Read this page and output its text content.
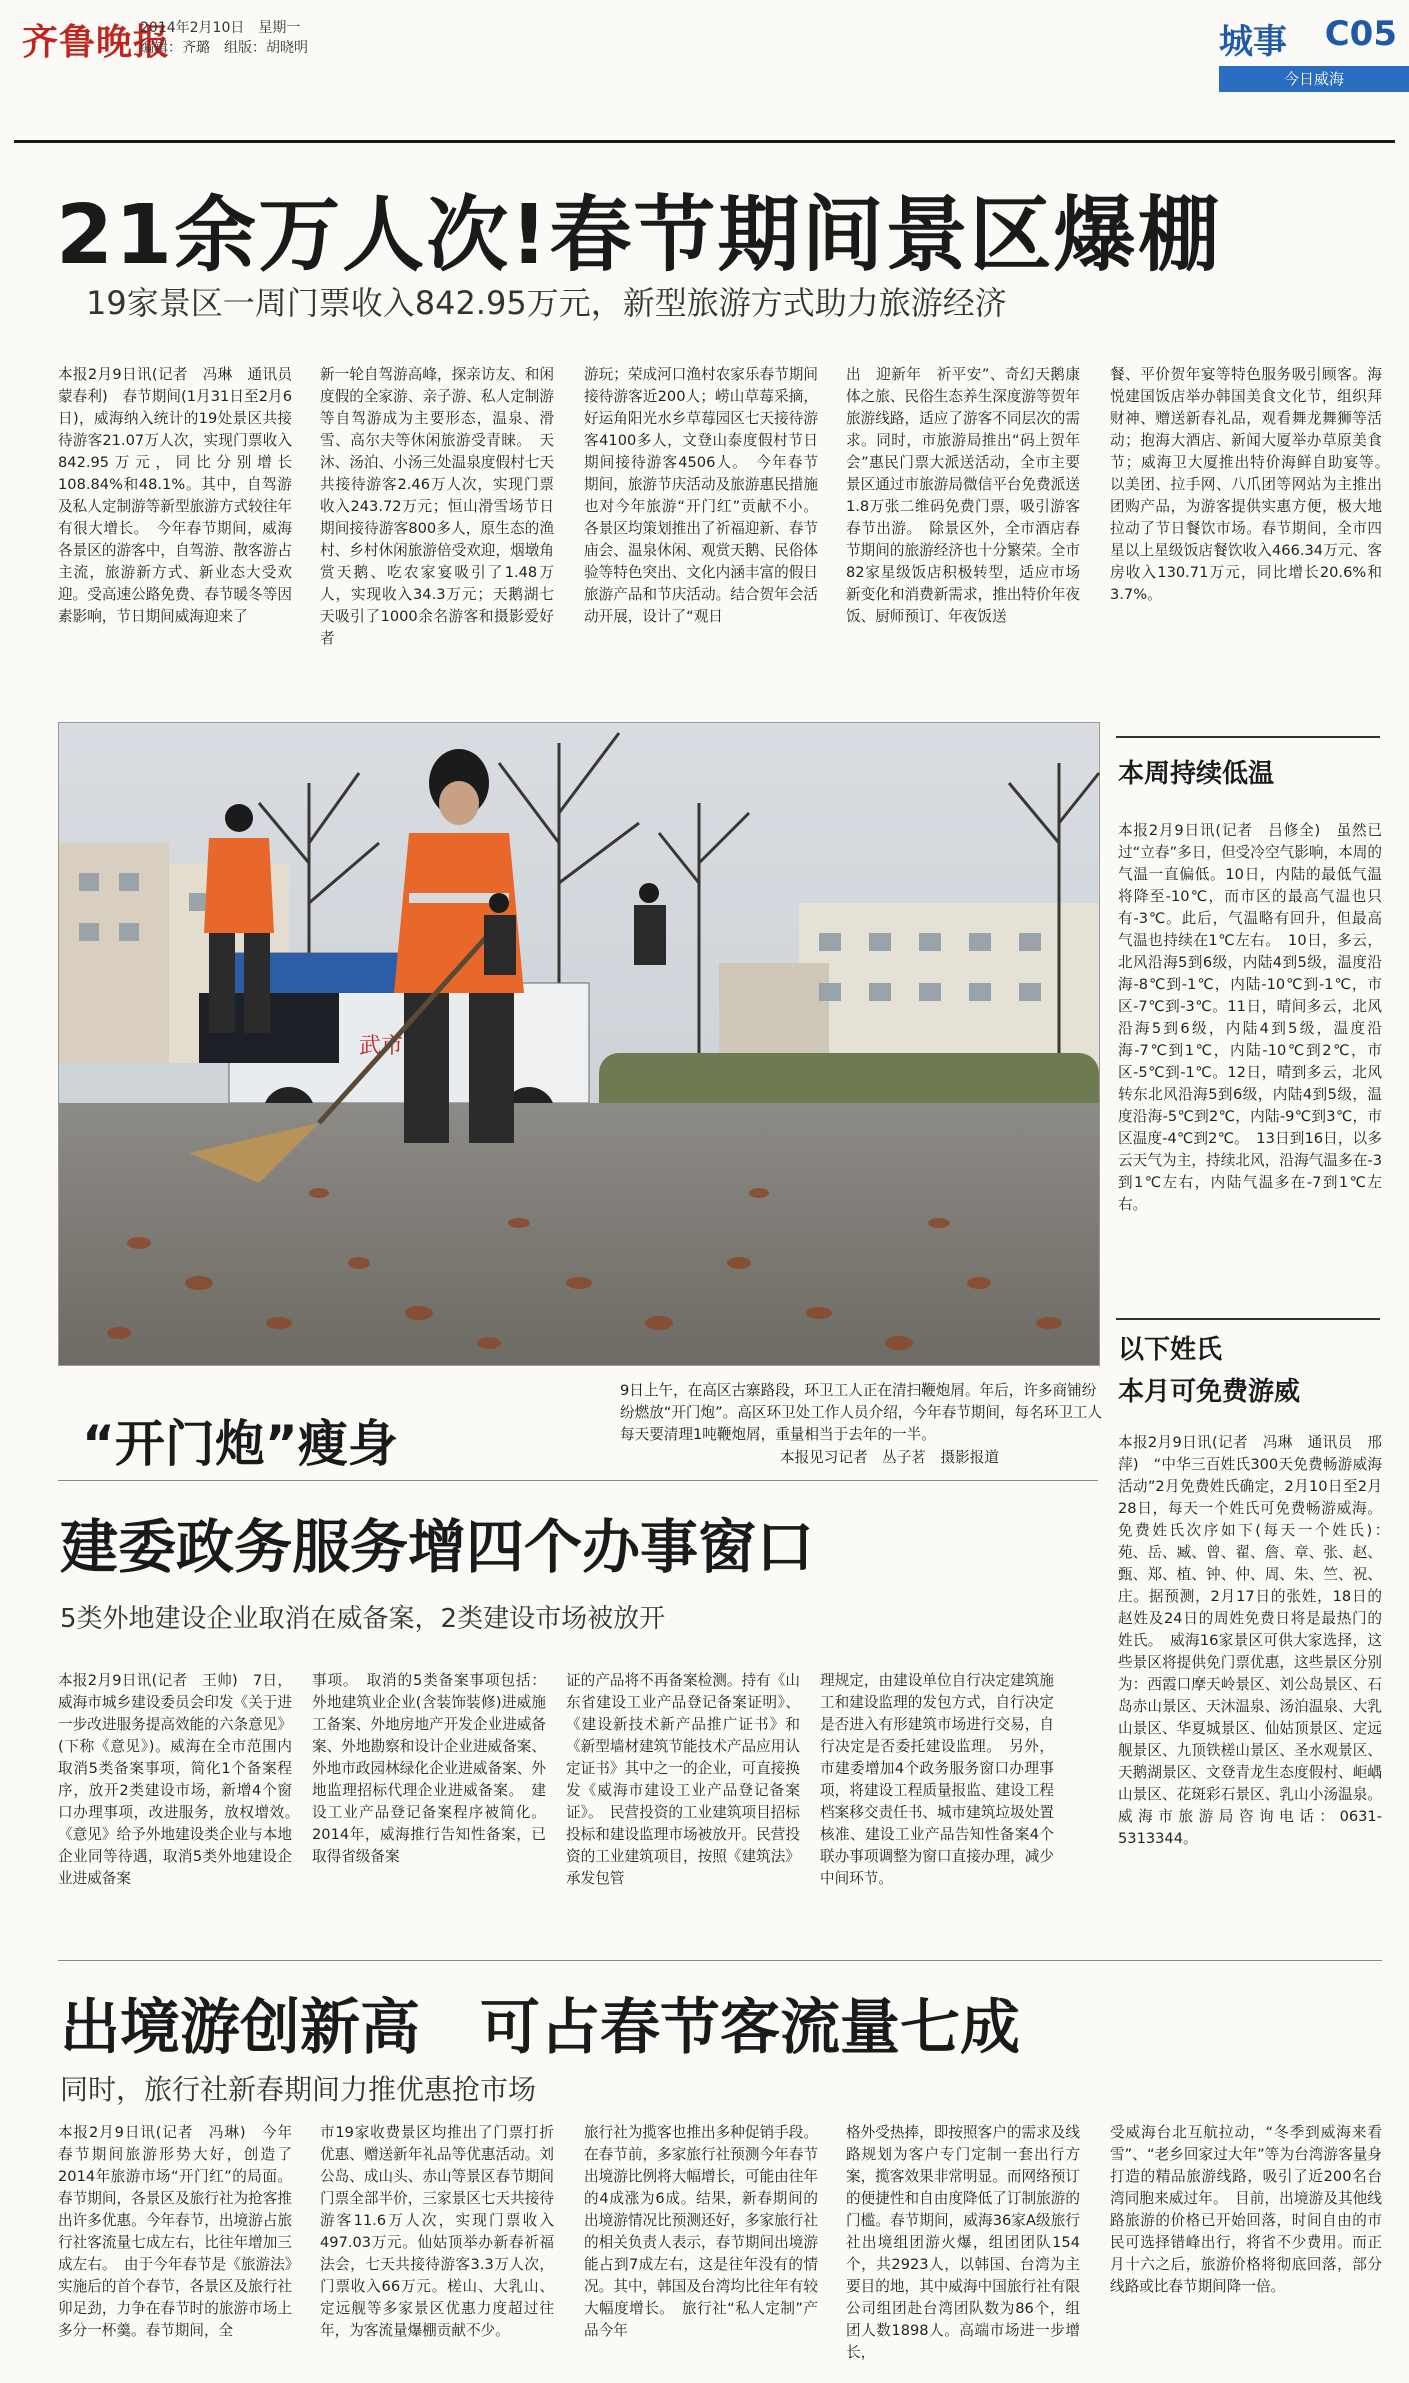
齐鲁晚报
2014年2月10日　星期一
编辑：齐璐　组版：胡晓明	城事 C05
今日威海
21余万人次!春节期间景区爆棚
19家景区一周门票收入842.95万元，新型旅游方式助力旅游经济
本报2月9日讯(记者　冯琳　通讯员　蒙春利)　春节期间(1月31日至2月6日)，威海纳入统计的19处景区共接待游客21.07万人次，实现门票收入842.95万元，同比分别增长108.84%和48.1%。其中，自驾游及私人定制游等新型旅游方式较往年有很大增长。　今年春节期间，威海各景区的游客中，自驾游、散客游占主流，旅游新方式、新业态大受欢迎。受高速公路免费、春节暖冬等因素影响，节日期间威海迎来了
新一轮自驾游高峰，探亲访友、和闲度假的全家游、亲子游、私人定制游等自驾游成为主要形态，温泉、滑雪、高尔夫等休闲旅游受青睐。　天沐、汤泊、小汤三处温泉度假村七天共接待游客2.46万人次，实现门票收入243.72万元；恒山滑雪场节日期间接待游客800多人，原生态的渔村、乡村休闲旅游倍受欢迎，烟墩角赏天鹅、吃农家宴吸引了1.48万人，实现收入34.3万元；天鹅湖七天吸引了1000余名游客和摄影爱好者
游玩；荣成河口渔村农家乐春节期间接待游客近200人；崂山草莓采摘，好运角阳光水乡草莓园区七天接待游客4100多人，文登山泰度假村节日期间接待游客4506人。　今年春节期间，旅游节庆活动及旅游惠民措施也对今年旅游“开门红”贡献不小。各景区均策划推出了祈福迎新、春节庙会、温泉休闲、观赏天鹅、民俗体验等特色突出、文化内涵丰富的假日旅游产品和节庆活动。结合贺年会活动开展，设计了“观日
出　迎新年　祈平安”、奇幻天鹅康体之旅、民俗生态养生深度游等贺年旅游线路，适应了游客不同层次的需求。同时，市旅游局推出“码上贺年会”惠民门票大派送活动，全市主要景区通过市旅游局微信平台免费派送1.8万张二维码免费门票，吸引游客春节出游。　除景区外，全市酒店春节期间的旅游经济也十分繁荣。全市82家星级饭店积极转型，适应市场新变化和消费新需求，推出特价年夜饭、厨师预订、年夜饭送
餐、平价贺年宴等特色服务吸引顾客。海悦建国饭店举办韩国美食文化节，组织拜财神、赠送新春礼品，观看舞龙舞狮等活动；抱海大酒店、新闻大厦举办草原美食节；威海卫大厦推出特价海鲜自助宴等。　以美团、拉手网、八爪团等网站为主推出团购产品，为游客提供实惠方便，极大地拉动了节日餐饮市场。春节期间，全市四星以上星级饭店餐饮收入466.34万元、客房收入130.71万元，同比增长20.6%和3.7%。
武市
“开门炮”瘦身
9日上午，在高区古寨路段，环卫工人正在清扫鞭炮屑。年后，许多商铺纷纷燃放“开门炮”。高区环卫处工作人员介绍，今年春节期间，每名环卫工人每天要清理1吨鞭炮屑，重量相当于去年的一半。
本报见习记者　丛子茗　摄影报道
本周持续低温
本报2月9日讯(记者　吕修全)　虽然已过“立春”多日，但受冷空气影响，本周的气温一直偏低。10日，内陆的最低气温将降至-10℃，而市区的最高气温也只有-3℃。此后，气温略有回升，但最高气温也持续在1℃左右。　10日，多云，北风沿海5到6级，内陆4到5级，温度沿海-8℃到-1℃，内陆-10℃到-1℃，市区-7℃到-3℃。11日，晴间多云，北风沿海5到6级，内陆4到5级，温度沿海-7℃到1℃，内陆-10℃到2℃，市区-5℃到-1℃。12日，晴到多云，北风转东北风沿海5到6级，内陆4到5级，温度沿海-5℃到2℃，内陆-9℃到3℃，市区温度-4℃到2℃。　13日到16日，以多云天气为主，持续北风，沿海气温多在-3到1℃左右，内陆气温多在-7到1℃左右。
以下姓氏
本月可免费游威
本报2月9日讯(记者　冯琳　通讯员　邢萍)　“中华三百姓氏300天免费畅游威海活动”2月免费姓氏确定，2月10日至2月28日，每天一个姓氏可免费畅游威海。免费姓氏次序如下(每天一个姓氏)：　苑、岳、臧、曾、翟、詹、章、张、赵、甄、郑、植、钟、仲、周、朱、竺、祝、庄。据预测，2月17日的张姓，18日的赵姓及24日的周姓免费日将是最热门的姓氏。　威海16家景区可供大家选择，这些景区将提供免门票优惠，这些景区分别为：西霞口摩天岭景区、刘公岛景区、石岛赤山景区、天沐温泉、汤泊温泉、大乳山景区、华夏城景区、仙姑顶景区、定远舰景区、九顶铁槎山景区、圣水观景区、天鹅湖景区、文登青龙生态度假村、岠嵎山景区、花斑彩石景区、乳山小汤温泉。威海市旅游局咨询电话：0631-5313344。
建委政务服务增四个办事窗口
5类外地建设企业取消在威备案，2类建设市场被放开
本报2月9日讯(记者　王帅)　7日，威海市城乡建设委员会印发《关于进一步改进服务提高效能的六条意见》(下称《意见》)。威海在全市范围内取消5类备案事项，简化1个备案程序，放开2类建设市场，新增4个窗口办理事项，改进服务，放权增效。　《意见》给予外地建设类企业与本地企业同等待遇，取消5类外地建设企业进威备案
事项。　取消的5类备案事项包括：外地建筑业企业(含装饰装修)进威施工备案、外地房地产开发企业进威备案、外地勘察和设计企业进威备案、外地市政园林绿化企业进威备案、外地监理招标代理企业进威备案。　建设工业产品登记备案程序被简化。2014年，威海推行告知性备案，已取得省级备案
证的产品将不再备案检测。持有《山东省建设工业产品登记备案证明》、《建设新技术新产品推广证书》和《新型墙材建筑节能技术产品应用认定证书》其中之一的企业，可直接换发《威海市建设工业产品登记备案证》。　民营投资的工业建筑项目招标投标和建设监理市场被放开。民营投资的工业建筑项目，按照《建筑法》承发包管
理规定，由建设单位自行决定建筑施工和建设监理的发包方式，自行决定是否进入有形建筑市场进行交易，自行决定是否委托建设监理。　另外，市建委增加4个政务服务窗口办理事项，将建设工程质量报监、建设工程档案移交责任书、城市建筑垃圾处置核准、建设工业产品告知性备案4个联办事项调整为窗口直接办理，减少中间环节。
出境游创新高　可占春节客流量七成
同时，旅行社新春期间力推优惠抢市场
本报2月9日讯(记者　冯琳)　今年春节期间旅游形势大好，创造了2014年旅游市场“开门红”的局面。春节期间，各景区及旅行社为抢客推出许多优惠。今年春节，出境游占旅行社客流量七成左右，比往年增加三成左右。　由于今年春节是《旅游法》实施后的首个春节，各景区及旅行社卯足劲，力争在春节时的旅游市场上多分一杯羹。春节期间，全
市19家收费景区均推出了门票打折优惠、赠送新年礼品等优惠活动。刘公岛、成山头、赤山等景区春节期间门票全部半价，三家景区七天共接待游客11.6万人次，实现门票收入497.03万元。仙姑顶举办新春祈福法会，七天共接待游客3.3万人次，门票收入66万元。槎山、大乳山、定远舰等多家景区优惠力度超过往年，为客流量爆棚贡献不少。
旅行社为揽客也推出多种促销手段。在春节前，多家旅行社预测今年春节出境游比例将大幅增长，可能由往年的4成涨为6成。结果，新春期间的出境游情况比预测还好，多家旅行社的相关负责人表示，春节期间出境游能占到7成左右，这是往年没有的情况。其中，韩国及台湾均比往年有较大幅度增长。　旅行社“私人定制”产品今年
格外受热捧，即按照客户的需求及线路规划为客户专门定制一套出行方案，揽客效果非常明显。而网络预订的便捷性和自由度降低了订制旅游的门槛。春节期间，威海36家A级旅行社出境组团游火爆，组团团队154个，共2923人，以韩国、台湾为主要目的地，其中威海中国旅行社有限公司组团赴台湾团队数为86个，组团人数1898人。高端市场进一步增长，
受威海台北互航拉动，“冬季到威海来看雪”、“老乡回家过大年”等为台湾游客量身打造的精品旅游线路，吸引了近200名台湾同胞来威过年。　目前，出境游及其他线路旅游的价格已开始回落，时间自由的市民可选择错峰出行，将省不少费用。而正月十六之后，旅游价格将彻底回落，部分线路或比春节期间降一倍。
